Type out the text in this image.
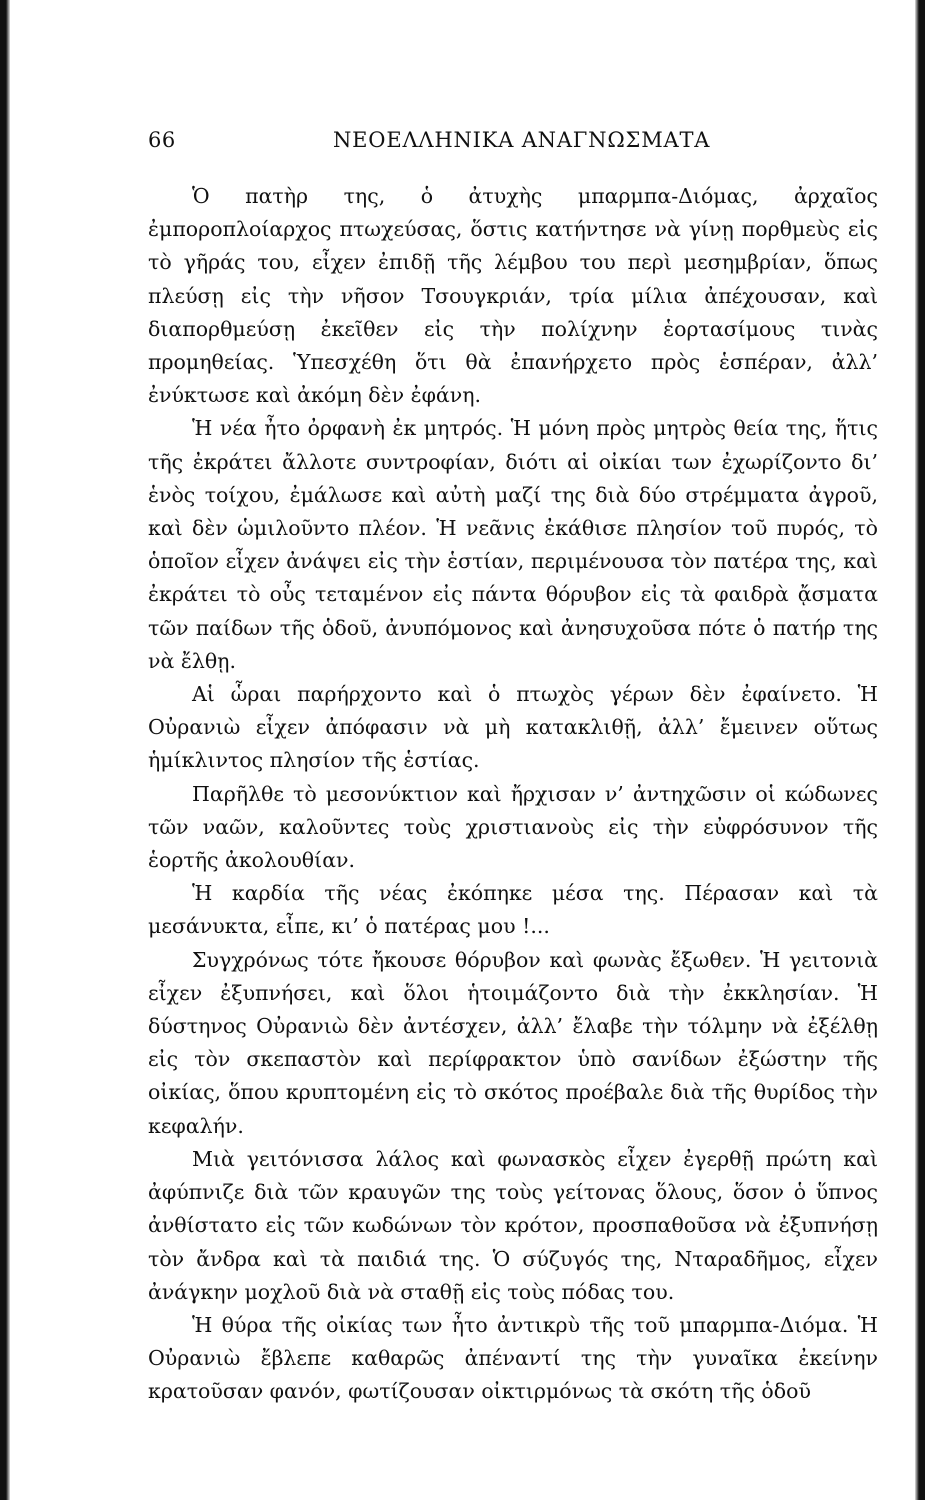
66	ΝΕΟΕΛΛΗΝΙΚΑ ΑΝΑΓΝΩΣΜΑΤΑ

Ὁ πατὴρ της, ὁ ἀτυχὴς μπαρμπα-Διόμας, ἀρχαῖος ἐμποροπλοίαρχος πτωχεύσας, ὅστις κατήντησε νὰ γίνῃ πορθμεὺς εἰς τὸ γῆράς του, εἶχεν ἐπιδῇ τῆς λέμβου του περὶ μεσημβρίαν, ὅπως πλεύσῃ εἰς τὴν νῆσον Τσουγκριάν, τρία μίλια ἀπέχουσαν, καὶ διαπορθμεύσῃ ἐκεῖθεν εἰς τὴν πολίχνην ἑορτασίμους τινὰς προμηθείας. Ὑπεσχέθη ὅτι θὰ ἐπανήρχετο πρὸς ἑσπέραν, ἀλλ’ ἐνύκτωσε καὶ ἀκόμη δὲν ἐφάνη.

Ἡ νέα ἦτο ὀρφανὴ ἐκ μητρός. Ἡ μόνη πρὸς μητρὸς θεία της, ἥτις τῆς ἐκράτει ἄλλοτε συντροφίαν, διότι αἱ οἰκίαι των ἐχωρίζοντο δι’ ἑνὸς τοίχου, ἐμάλωσε καὶ αὐτὴ μαζί της διὰ δύο στρέμματα ἀγροῦ, καὶ δὲν ὡμιλοῦντο πλέον. Ἡ νεᾶνις ἐκάθισε πλησίον τοῦ πυρός, τὸ ὁποῖον εἶχεν ἀνάψει εἰς τὴν ἑστίαν, περιμένουσα τὸν πατέρα της, καὶ ἐκράτει τὸ οὖς τεταμένον εἰς πάντα θόρυβον εἰς τὰ φαιδρὰ ᾄσματα τῶν παίδων τῆς ὁδοῦ, ἀνυπόμονος καὶ ἀνησυχοῦσα πότε ὁ πατήρ της νὰ ἔλθῃ.

Αἱ ὧραι παρήρχοντο καὶ ὁ πτωχὸς γέρων δὲν ἐφαίνετο. Ἡ Οὐρανιὼ εἶχεν ἀπόφασιν νὰ μὴ κατακλιθῇ, ἀλλ’ ἔμεινεν οὕτως ἡμίκλιντος πλησίον τῆς ἑστίας.

Παρῆλθε τὸ μεσονύκτιον καὶ ἤρχισαν ν’ ἀντηχῶσιν οἱ κώδωνες τῶν ναῶν, καλοῦντες τοὺς χριστιανοὺς εἰς τὴν εὐφρόσυνον τῆς ἑορτῆς ἀκολουθίαν.

Ἡ καρδία τῆς νέας ἐκόπηκε μέσα της. Πέρασαν καὶ τὰ μεσάνυκτα, εἶπε, κι’ ὁ πατέρας μου !...

Συγχρόνως τότε ἤκουσε θόρυβον καὶ φωνὰς ἔξωθεν. Ἡ γειτονιὰ εἶχεν ἐξυπνήσει, καὶ ὅλοι ἡτοιμάζοντο διὰ τὴν ἐκκλησίαν. Ἡ δύστηνος Οὐρανιὼ δὲν ἀντέσχεν, ἀλλ’ ἔλαβε τὴν τόλμην νὰ ἐξέλθῃ εἰς τὸν σκεπαστὸν καὶ περίφρακτον ὑπὸ σανίδων ἐξώστην τῆς οἰκίας, ὅπου κρυπτομένη εἰς τὸ σκότος προέβαλε διὰ τῆς θυρίδος τὴν κεφαλήν.

Μιὰ γειτόνισσα λάλος καὶ φωνασκὸς εἶχεν ἐγερθῇ πρώτη καὶ ἀφύπνιζε διὰ τῶν κραυγῶν της τοὺς γείτονας ὅλους, ὅσον ὁ ὕπνος ἀνθίστατο εἰς τῶν κωδώνων τὸν κρότον, προσπαθοῦσα νὰ ἐξυπνήσῃ τὸν ἄνδρα καὶ τὰ παιδιά της. Ὁ σύζυγός της, Νταραδῆμος, εἶχεν ἀνάγκην μοχλοῦ διὰ νὰ σταθῇ εἰς τοὺς πόδας του.

Ἡ θύρα τῆς οἰκίας των ἦτο ἀντικρὺ τῆς τοῦ μπαρμπα-Διόμα. Ἡ Οὐρανιὼ ἔβλεπε καθαρῶς ἀπέναντί της τὴν γυναῖκα ἐκείνην κρατοῦσαν φανόν, φωτίζουσαν οἰκτιρμόνως τὰ σκότη τῆς ὁδοῦ
